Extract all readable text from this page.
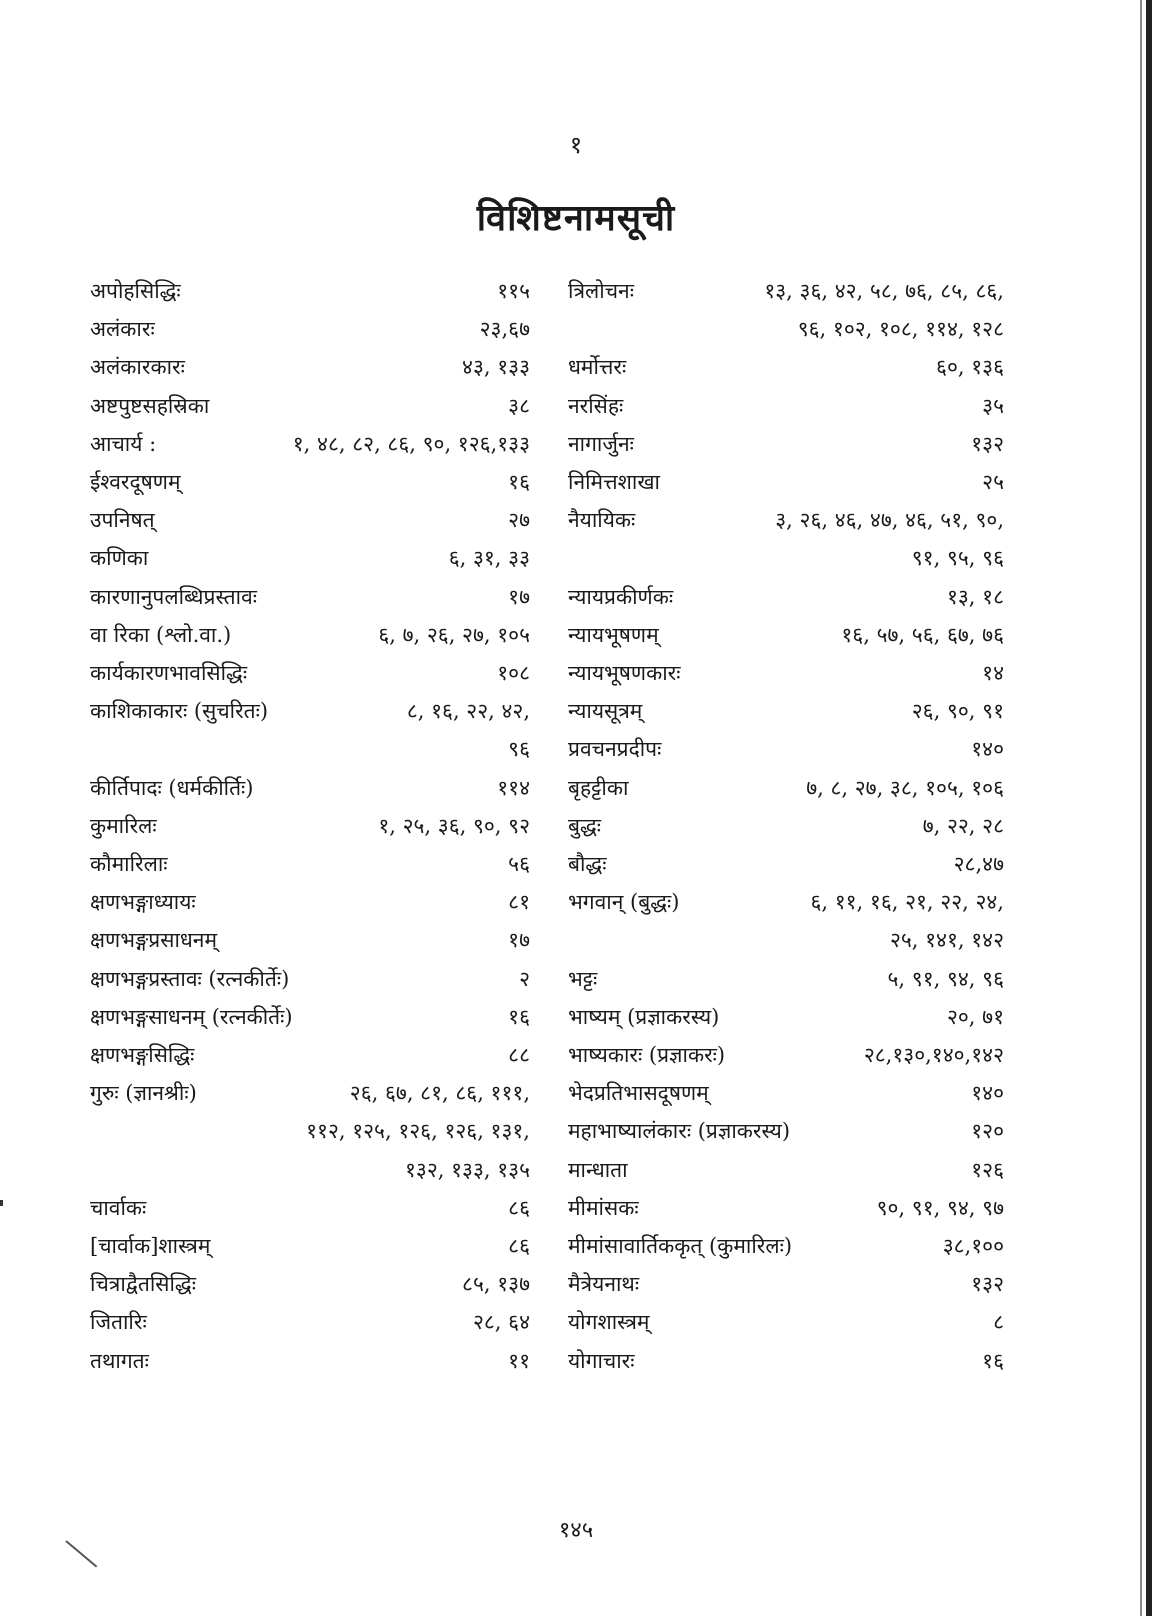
१
विशिष्टनामसूची
अपोहसिद्धिः	११५
अलंकारः	२३,६७
अलंकारकारः	४३, १३३
अष्टपुष्टसहस्रिका	३८
आचार्य :	१, ४८, ८२, ८६, ९०, १२६,१३३
ईश्वरदूषणम्	१६
उपनिषत्	२७
कणिका	६, ३१, ३३
कारणानुपलब्धिप्रस्तावः	१७
वा रिका (श्लो.वा.)	६, ७, २६, २७, १०५
कार्यकारणभावसिद्धिः	१०८
काशिकाकारः (सुचरितः)	८, १६, २२, ४२,
९६
कीर्तिपादः (धर्मकीर्तिः)	११४
कुमारिलः	१, २५, ३६, ९०, ९२
कौमारिलाः	५६
क्षणभङ्गाध्यायः	८१
क्षणभङ्गप्रसाधनम्	१७
क्षणभङ्गप्रस्तावः (रत्नकीर्तेः)	२
क्षणभङ्गसाधनम् (रत्नकीर्तेः)	१६
क्षणभङ्गसिद्धिः	८८
गुरुः (ज्ञानश्रीः)	२६, ६७, ८१, ८६, १११,
११२, १२५, १२६, १२६, १३१,
१३२, १३३, १३५
चार्वाकः	८६
[चार्वाक]शास्त्रम्	८६
चित्राद्वैतसिद्धिः	८५, १३७
जितारिः	२८, ६४
तथागतः	११
त्रिलोचनः	१३, ३६, ४२, ५८, ७६, ८५, ८६,
९६, १०२, १०८, ११४, १२८
धर्मोत्तरः	६०, १३६
नरसिंहः	३५
नागार्जुनः	१३२
निमित्तशाखा	२५
नैयायिकः	३, २६, ४६, ४७, ४६, ५१, ९०,
९१, ९५, ९६
न्यायप्रकीर्णकः	१३, १८
न्यायभूषणम्	१६, ५७, ५६, ६७, ७६
न्यायभूषणकारः	१४
न्यायसूत्रम्	२६, ९०, ९१
प्रवचनप्रदीपः	१४०
बृहट्टीका	७, ८, २७, ३८, १०५, १०६
बुद्धः	७, २२, २८
बौद्धः	२८,४७
भगवान् (बुद्धः)	६, ११, १६, २१, २२, २४,
२५, १४१, १४२
भट्टः	५, ९१, ९४, ९६
भाष्यम् (प्रज्ञाकरस्य)	२०, ७१
भाष्यकारः (प्रज्ञाकरः)	२८,१३०,१४०,१४२
भेदप्रतिभासदूषणम्	१४०
महाभाष्यालंकारः (प्रज्ञाकरस्य)	१२०
मान्धाता	१२६
मीमांसकः	९०, ९१, ९४, ९७
मीमांसावार्तिककृत् (कुमारिलः)	३८,१००
मैत्रेयनाथः	१३२
योगशास्त्रम्	८
योगाचारः	१६
१४५
